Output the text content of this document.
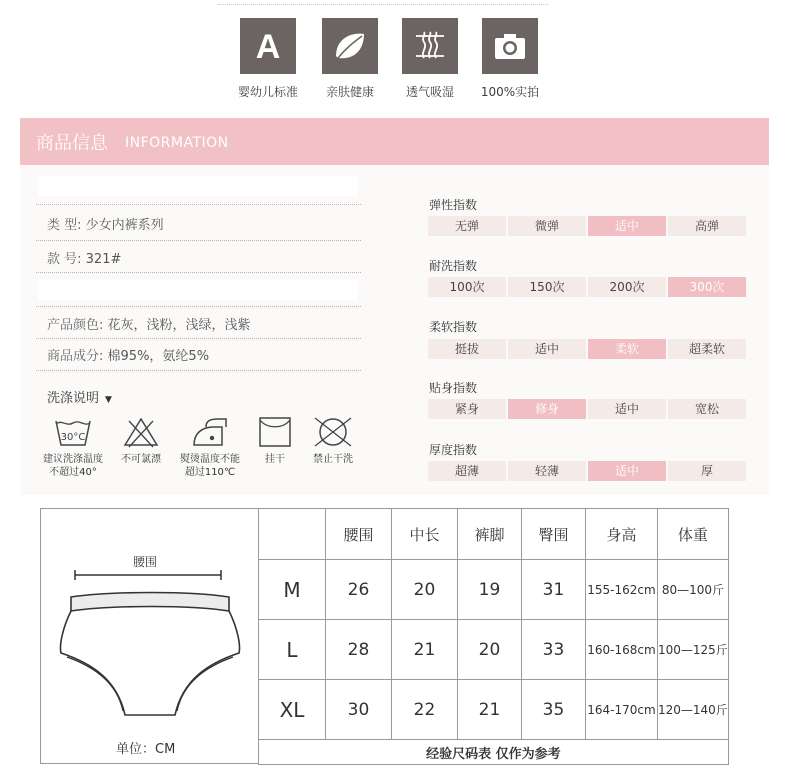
A
婴幼儿标准	亲肤健康	透气吸湿	100%实拍
商品信息 INFORMATION
类 型: 少女内裤系列
款 号: 321#
产品颜色: 花灰，浅粉，浅绿，浅紫
商品成分: 棉95%，氨纶5%
洗涤说明 ▼
30°C
建议洗涤温度
不超过40°
不可氯漂	熨烫温度不能
超过110℃
挂干	禁止干洗
弹性指数
无弹	微弹	适中	高弹
耐洗指数
100次	150次	200次	300次
柔软指数
挺拔	适中	柔软	超柔软
贴身指数
紧身	修身	适中	宽松
厚度指数
超薄	轻薄	适中	厚
腰围
单位：CM
	腰围	中长	裤脚	臀围	身高	体重
M	26	20	19	31	155-162cm	80—100斤
L	28	21	20	33	160-168cm	100—125斤
XL	30	22	21	35	164-170cm	120—140斤
经验尺码表 仅作为参考						
